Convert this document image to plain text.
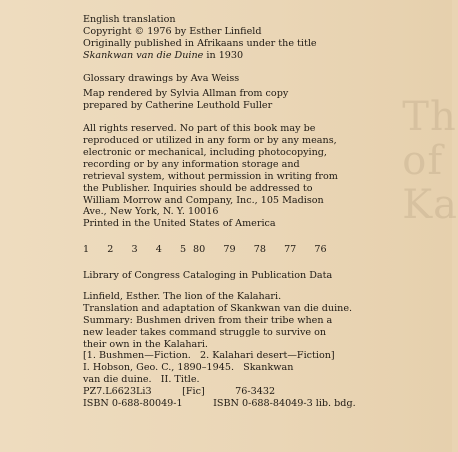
Th
of
Ka
English translation
Copyright © 1976 by Esther Linfield
Originally published in Afrikaans under the title
Skankwan van die Duine in 1930
Glossary drawings by Ava Weiss
Map rendered by Sylvia Allman from copy
prepared by Catherine Leuthold Fuller
All rights reserved. No part of this book may be
reproduced or utilized in any form or by any means,
electronic or mechanical, including photocopying,
recording or by any information storage and
retrieval system, without permission in writing from
the Publisher. Inquiries should be addressed to
William Morrow and Company, Inc., 105 Madison
Ave., New York, N. Y. 10016
Printed in the United States of America
1   2   3   4   5 80   79   78   77   76
Library of Congress Cataloging in Publication Data
Linfield, Esther. The lion of the Kalahari.
Translation and adaptation of Skankwan van die duine.
Summary: Bushmen driven from their tribe when a
new leader takes command struggle to survive on
their own in the Kalahari.
[1. Bushmen—Fiction.   2. Kalahari desert—Fiction]
I. Hobson, Geo. C., 1890–1945.   Skankwan
van die duine.   II. Title.
PZ7.L6623Li3          [Fic]          76-3432
ISBN 0-688-80049-1          ISBN 0-688-84049-3 lib. bdg.
